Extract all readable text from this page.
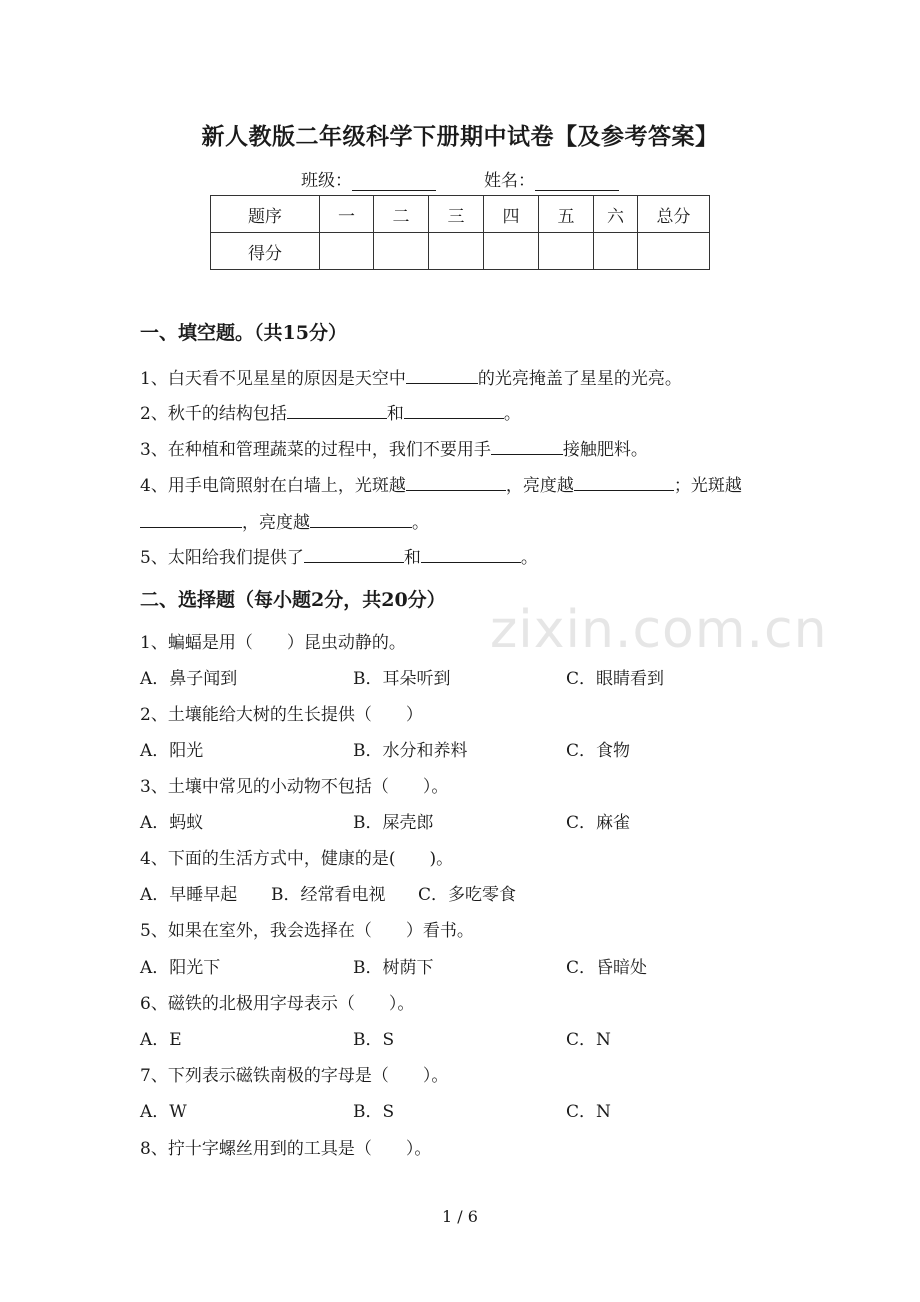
新人教版二年级科学下册期中试卷【及参考答案】
班级：	姓名：
题序	一	二	三	四	五	六	总分
得分							
一、填空题。（共15分）
1、白天看不见星星的原因是天空中	的光亮掩盖了星星的光亮。
2、秋千的结构包括	和	。
3、在种植和管理蔬菜的过程中，我们不要用手	接触肥料。
4、用手电筒照射在白墙上，光斑越	，亮度越	；光斑越
，亮度越	。
5、太阳给我们提供了	和	。
zixin.com.cn
二、选择题（每小题2分，共20分）
1、蝙蝠是用（　　）昆虫动静的。
A．鼻子闻到	B．耳朵听到	C．眼睛看到
2、土壤能给大树的生长提供（　　）
A．阳光	B．水分和养料	C．食物
3、土壤中常见的小动物不包括（　　）。
A．蚂蚁	B．屎壳郎	C．麻雀
4、下面的生活方式中，健康的是(　　)。
A．早睡早起 B．经常看电视 C．多吃零食
5、如果在室外，我会选择在（　　）看书。
A．阳光下	B．树荫下	C．昏暗处
6、磁铁的北极用字母表示（　　）。
A．E	B．S	C．N
7、下列表示磁铁南极的字母是（　　）。
A．W	B．S	C．N
8、拧十字螺丝用到的工具是（　　）。
1 / 6
